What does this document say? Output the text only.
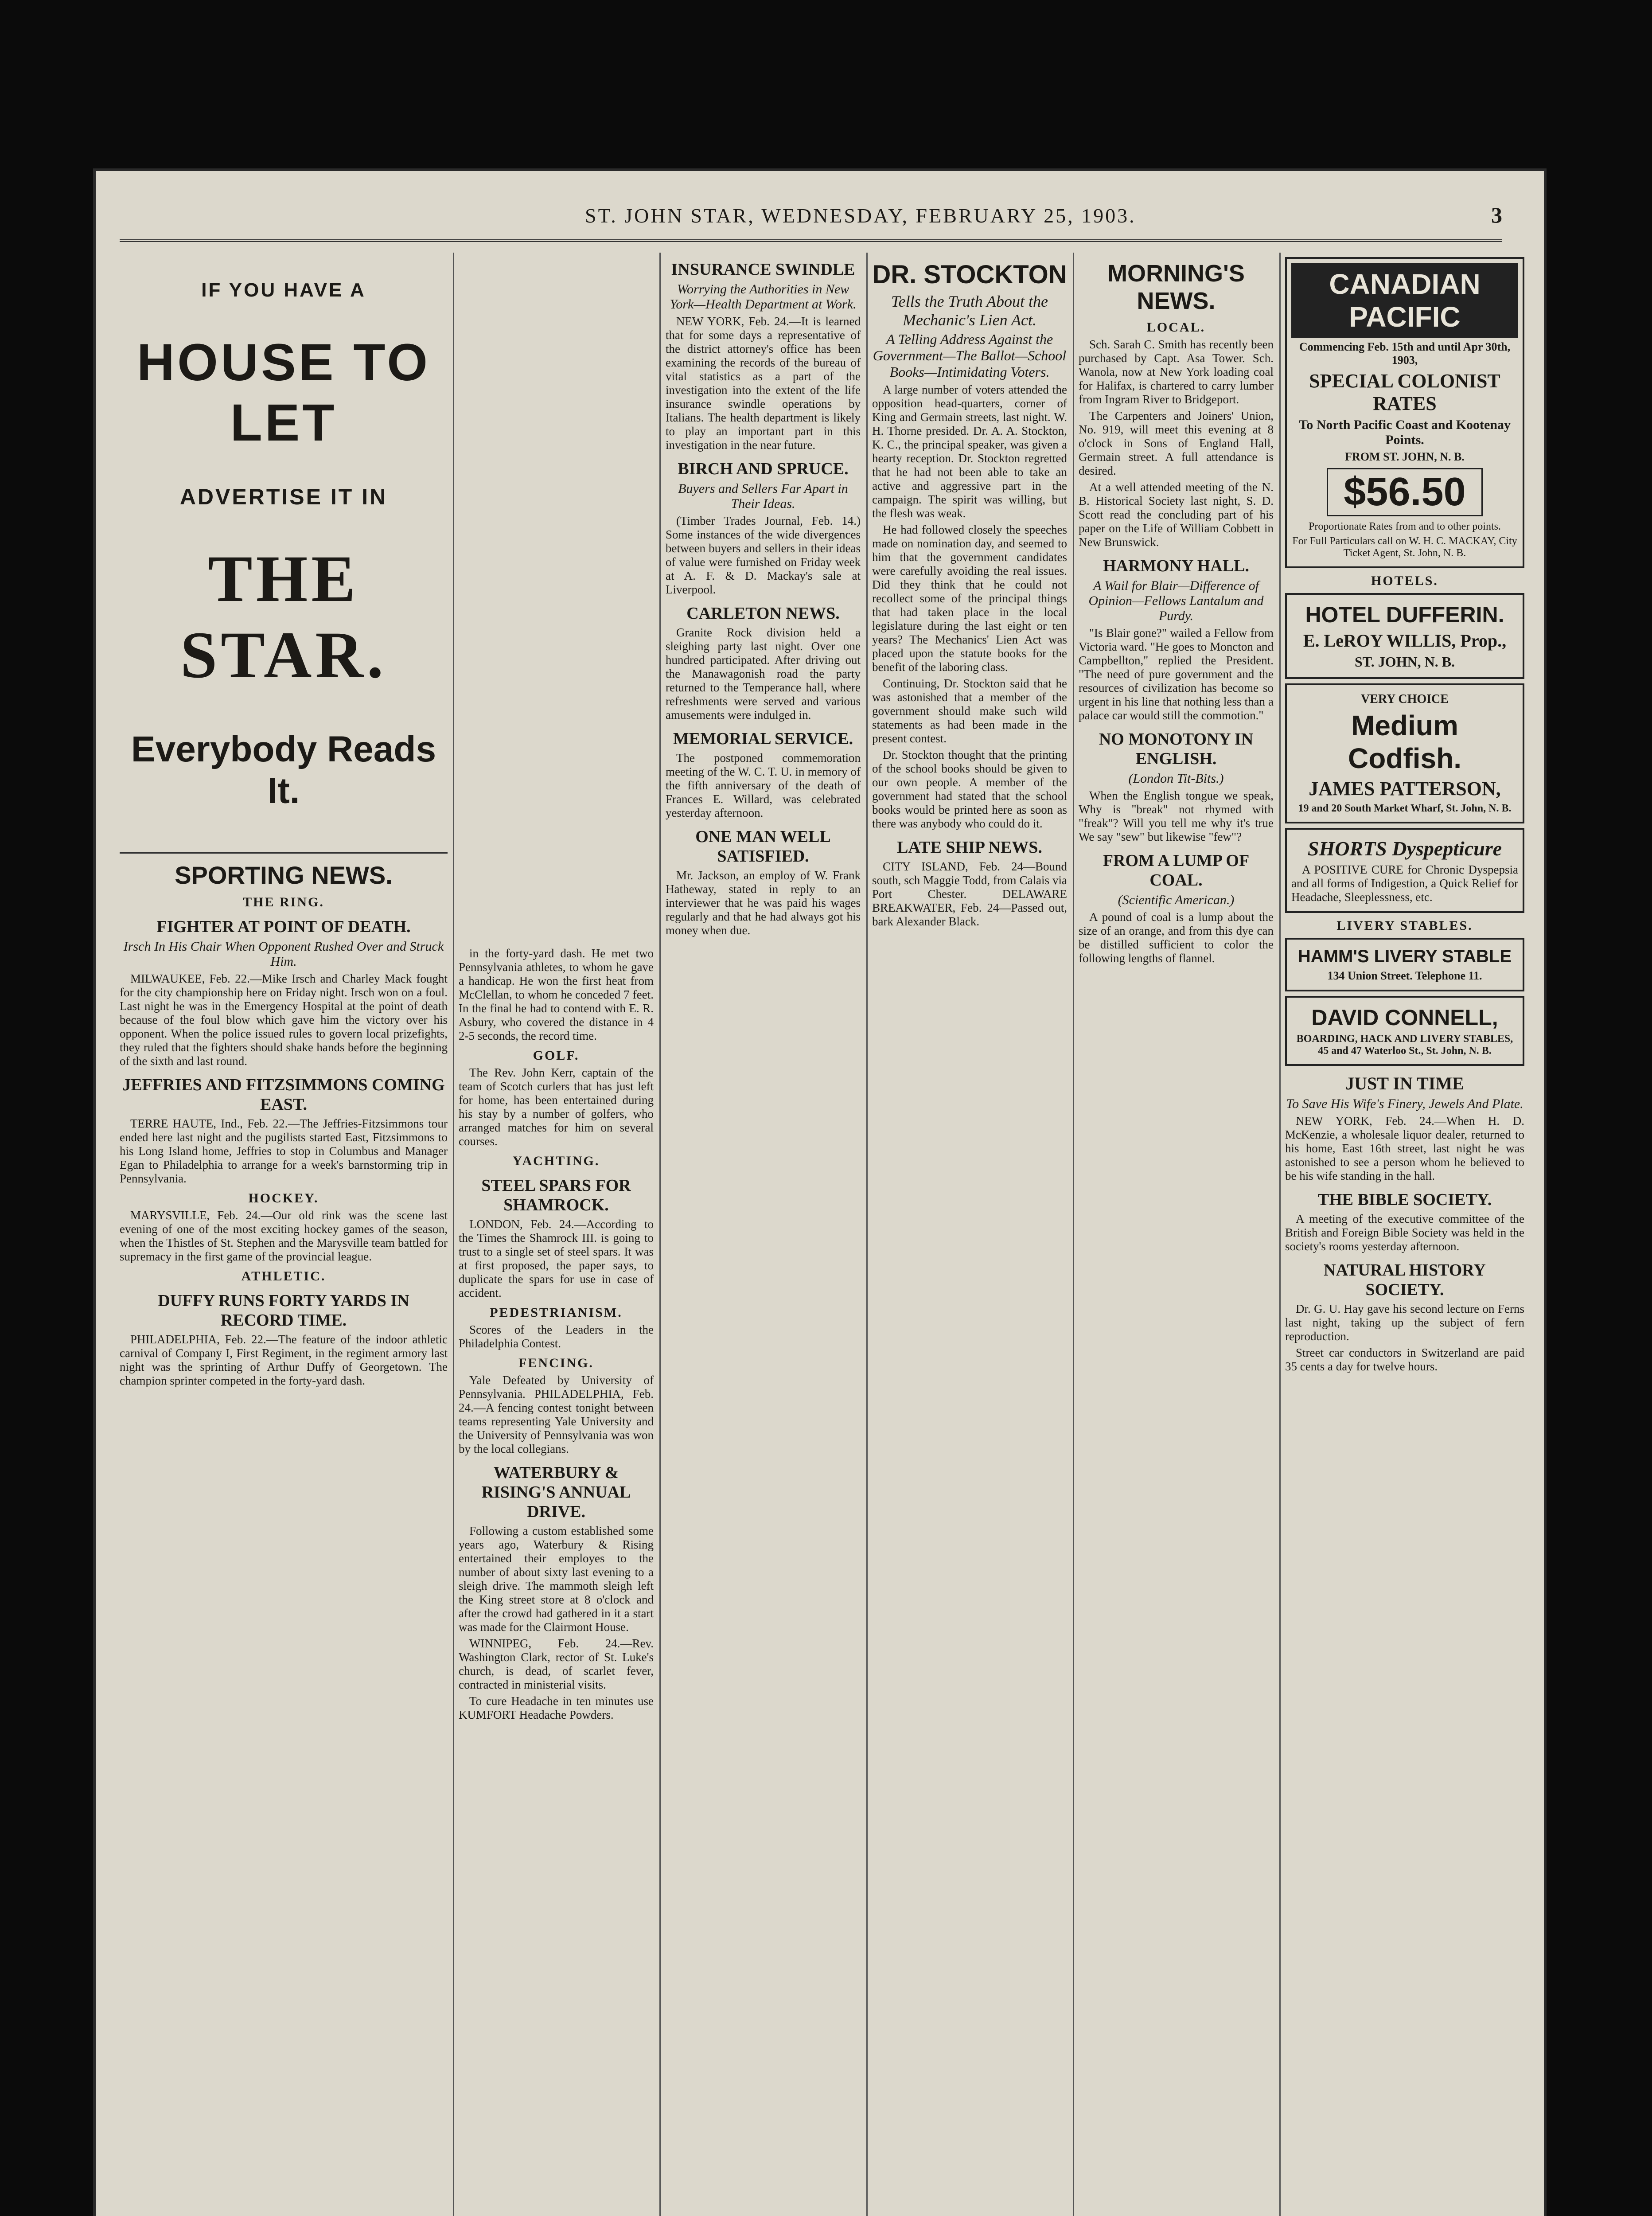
ST. JOHN STAR, WEDNESDAY, FEBRUARY 25, 1903.	3
IF YOU HAVE A
HOUSE TO LET
ADVERTISE IT IN
THE STAR.
Everybody Reads It.
SPORTING NEWS.
THE RING.
FIGHTER AT POINT OF DEATH.
Irsch In His Chair When Opponent Rushed Over and Struck Him.

MILWAUKEE, Feb. 22.—Mike Irsch and Charley Mack fought for the city championship here on Friday night. Irsch won on a foul. Last night he was in the Emergency Hospital at the point of death because of the foul blow which gave him the victory over his opponent. When the police issued rules to govern local prizefights, they ruled that the fighters should shake hands before the beginning of the sixth and last round.

JEFFRIES AND FITZSIMMONS COMING EAST.

TERRE HAUTE, Ind., Feb. 22.—The Jeffries-Fitzsimmons tour ended here last night and the pugilists started East, Fitzsimmons to his Long Island home, Jeffries to stop in Columbus and Manager Egan to Philadelphia to arrange for a week's barnstorming trip in Pennsylvania.

HOCKEY.

MARYSVILLE, Feb. 24.—Our old rink was the scene last evening of one of the most exciting hockey games of the season, when the Thistles of St. Stephen and the Marysville team battled for supremacy in the first game of the provincial league.

ATHLETIC.
DUFFY RUNS FORTY YARDS IN RECORD TIME.

PHILADELPHIA, Feb. 22.—The feature of the indoor athletic carnival of Company I, First Regiment, in the regiment armory last night was the sprinting of Arthur Duffy of Georgetown. The champion sprinter competed in the forty-yard dash.

in the forty-yard dash. He met two Pennsylvania athletes, to whom he gave a handicap. He won the first heat from McClellan, to whom he conceded 7 feet. In the final he had to contend with E. R. Asbury, who covered the distance in 4 2-5 seconds, the record time.

GOLF.

The Rev. John Kerr, captain of the team of Scotch curlers that has just left for home, has been entertained during his stay by a number of golfers, who arranged matches for him on several courses.

YACHTING.
STEEL SPARS FOR SHAMROCK.

LONDON, Feb. 24.—According to the Times the Shamrock III. is going to trust to a single set of steel spars. It was at first proposed, the paper says, to duplicate the spars for use in case of accident.

PEDESTRIANISM.

Scores of the Leaders in the Philadelphia Contest.

FENCING.

Yale Defeated by University of Pennsylvania. PHILADELPHIA, Feb. 24.—A fencing contest tonight between teams representing Yale University and the University of Pennsylvania was won by the local collegians.

WATERBURY & RISING'S ANNUAL DRIVE.

Following a custom established some years ago, Waterbury & Rising entertained their employes to the number of about sixty last evening to a sleigh drive. The mammoth sleigh left the King street store at 8 o'clock and after the crowd had gathered in it a start was made for the Clairmont House.

WINNIPEG, Feb. 24.—Rev. Washington Clark, rector of St. Luke's church, is dead, of scarlet fever, contracted in ministerial visits.

To cure Headache in ten minutes use KUMFORT Headache Powders.

INSURANCE SWINDLE
Worrying the Authorities in New York—Health Department at Work.

NEW YORK, Feb. 24.—It is learned that for some days a representative of the district attorney's office has been examining the records of the bureau of vital statistics as a part of the investigation into the extent of the life insurance swindle operations by Italians. The health department is likely to play an important part in this investigation in the near future.

BIRCH AND SPRUCE.
Buyers and Sellers Far Apart in Their Ideas.

(Timber Trades Journal, Feb. 14.) Some instances of the wide divergences between buyers and sellers in their ideas of value were furnished on Friday week at A. F. & D. Mackay's sale at Liverpool.

CARLETON NEWS.

Granite Rock division held a sleighing party last night. Over one hundred participated. After driving out the Manawagonish road the party returned to the Temperance hall, where refreshments were served and various amusements were indulged in.

MEMORIAL SERVICE.

The postponed commemoration meeting of the W. C. T. U. in memory of the fifth anniversary of the death of Frances E. Willard, was celebrated yesterday afternoon.

ONE MAN WELL SATISFIED.

Mr. Jackson, an employ of W. Frank Hatheway, stated in reply to an interviewer that he was paid his wages regularly and that he had always got his money when due.

DR. STOCKTON
Tells the Truth About the Mechanic's Lien Act.
A Telling Address Against the Government—The Ballot—School Books—Intimidating Voters.

A large number of voters attended the opposition head-quarters, corner of King and Germain streets, last night. W. H. Thorne presided. Dr. A. A. Stockton, K. C., the principal speaker, was given a hearty reception. Dr. Stockton regretted that he had not been able to take an active and aggressive part in the campaign. The spirit was willing, but the flesh was weak.

He had followed closely the speeches made on nomination day, and seemed to him that the government candidates were carefully avoiding the real issues. Did they think that he could not recollect some of the principal things that had taken place in the local legislature during the last eight or ten years? The Mechanics' Lien Act was placed upon the statute books for the benefit of the laboring class.

Continuing, Dr. Stockton said that he was astonished that a member of the government should make such wild statements as had been made in the present contest.

Dr. Stockton thought that the printing of the school books should be given to our own people. A member of the government had stated that the school books would be printed here as soon as there was anybody who could do it.

LATE SHIP NEWS.

CITY ISLAND, Feb. 24—Bound south, sch Maggie Todd, from Calais via Port Chester. DELAWARE BREAKWATER, Feb. 24—Passed out, bark Alexander Black.

MORNING'S NEWS.
LOCAL.

Sch. Sarah C. Smith has recently been purchased by Capt. Asa Tower. Sch. Wanola, now at New York loading coal for Halifax, is chartered to carry lumber from Ingram River to Bridgeport.

The Carpenters and Joiners' Union, No. 919, will meet this evening at 8 o'clock in Sons of England Hall, Germain street. A full attendance is desired.

At a well attended meeting of the N. B. Historical Society last night, S. D. Scott read the concluding part of his paper on the Life of William Cobbett in New Brunswick.

HARMONY HALL.
A Wail for Blair—Difference of Opinion—Fellows Lantalum and Purdy.

"Is Blair gone?" wailed a Fellow from Victoria ward. "He goes to Moncton and Campbellton," replied the President. "The need of pure government and the resources of civilization has become so urgent in his line that nothing less than a palace car would still the commotion."

NO MONOTONY IN ENGLISH.
(London Tit-Bits.)

When the English tongue we speak, Why is "break" not rhymed with "freak"? Will you tell me why it's true We say "sew" but likewise "few"?

FROM A LUMP OF COAL.
(Scientific American.)

A pound of coal is a lump about the size of an orange, and from this dye can be distilled sufficient to color the following lengths of flannel.

CANADIAN PACIFIC
Commencing Feb. 15th and until Apr 30th, 1903,
SPECIAL COLONIST RATES
To North Pacific Coast and Kootenay Points.
FROM ST. JOHN, N. B.
$56.50
Proportionate Rates from and to other points.
For Full Particulars call on W. H. C. MACKAY, City Ticket Agent, St. John, N. B.
HOTELS.
HOTEL DUFFERIN.
E. LeROY WILLIS, Prop.,
ST. JOHN, N. B.
VERY CHOICE
Medium Codfish.
JAMES PATTERSON,
19 and 20 South Market Wharf, St. John, N. B.
SHORTS Dyspepticure

A POSITIVE CURE for Chronic Dyspepsia and all forms of Indigestion, a Quick Relief for Headache, Sleeplessness, etc.

LIVERY STABLES.
HAMM'S LIVERY STABLE
134 Union Street. Telephone 11.
DAVID CONNELL,
BOARDING, HACK AND LIVERY STABLES, 45 and 47 Waterloo St., St. John, N. B.
JUST IN TIME
To Save His Wife's Finery, Jewels And Plate.

NEW YORK, Feb. 24.—When H. D. McKenzie, a wholesale liquor dealer, returned to his home, East 16th street, last night he was astonished to see a person whom he believed to be his wife standing in the hall.

THE BIBLE SOCIETY.

A meeting of the executive committee of the British and Foreign Bible Society was held in the society's rooms yesterday afternoon.

NATURAL HISTORY SOCIETY.

Dr. G. U. Hay gave his second lecture on Ferns last night, taking up the subject of fern reproduction.

Street car conductors in Switzerland are paid 35 cents a day for twelve hours.
